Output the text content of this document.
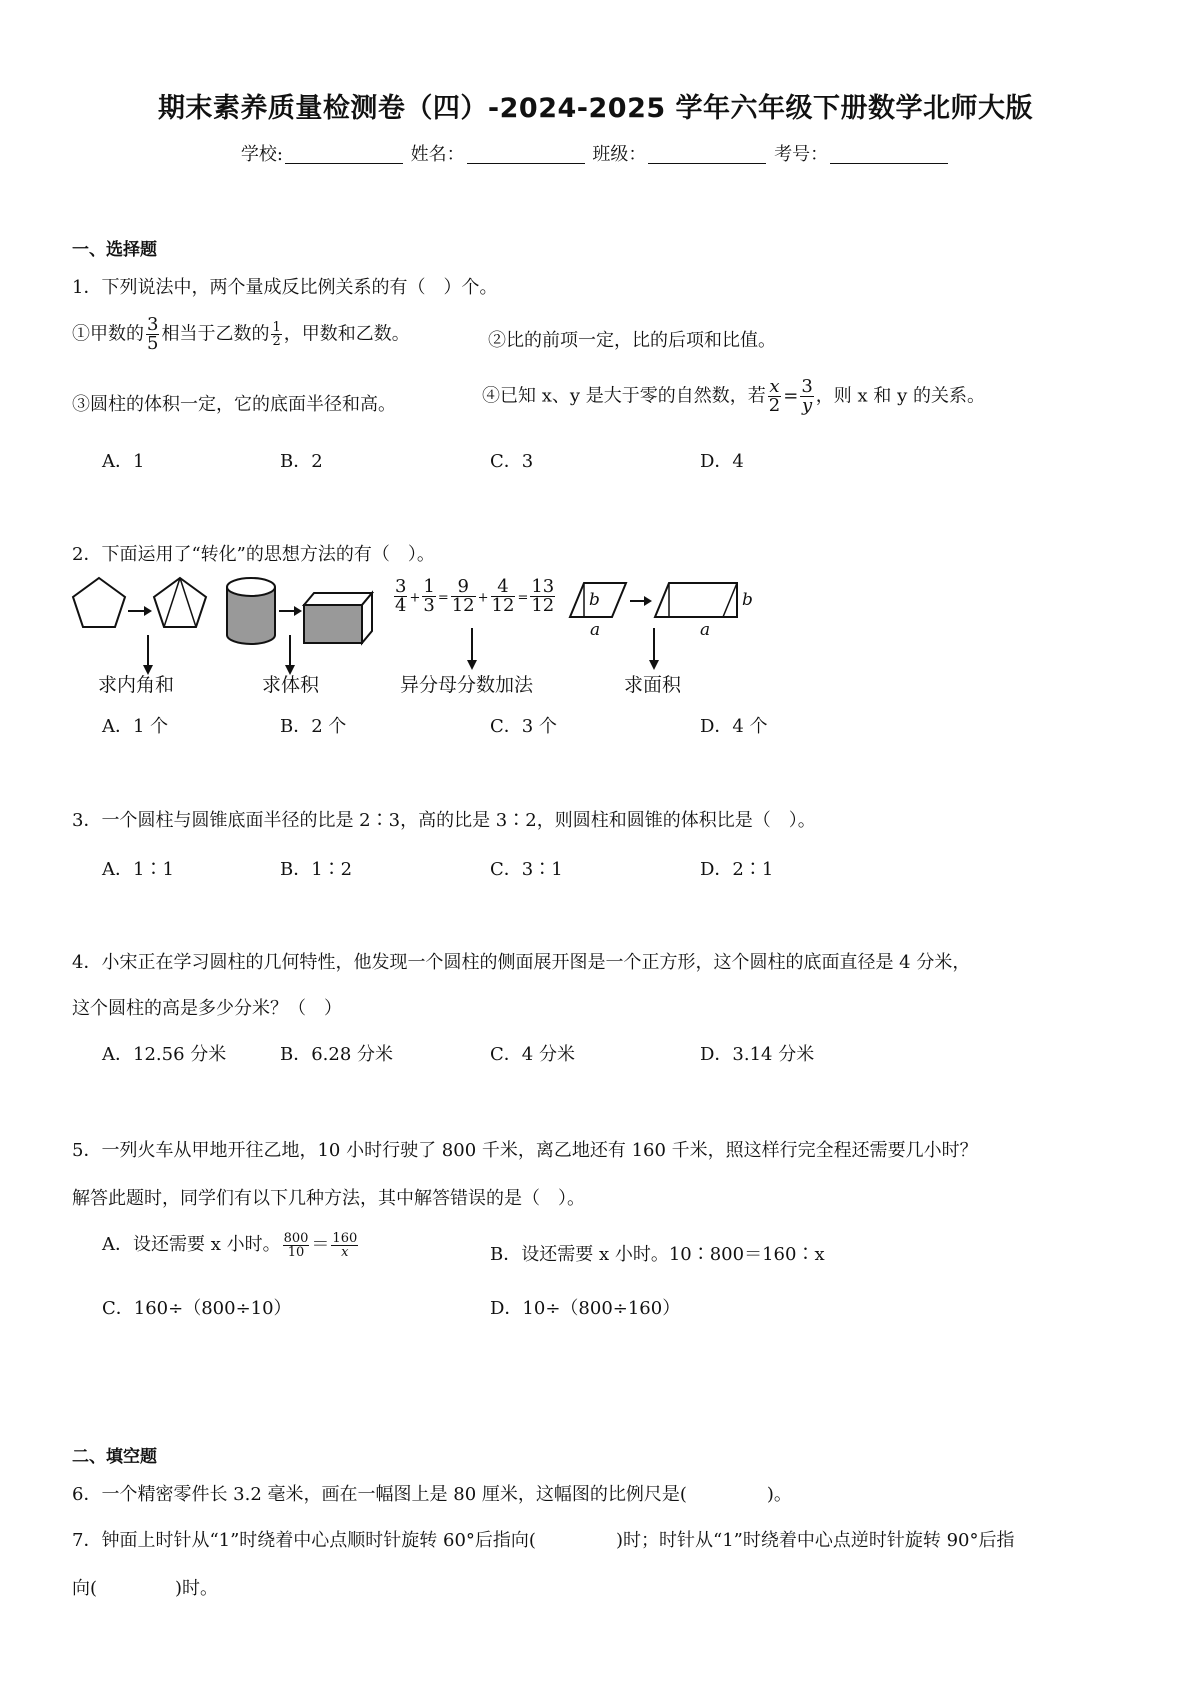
期末素养质量检测卷（四）-2024-2025 学年六年级下册数学北师大版
学校:	姓名：	班级：	考号：
一、选择题
1．下列说法中，两个量成反比例关系的有（　）个。
①甲数的 $\frac{3}{5}$ 相当于乙数的 $\frac{1}{2}$ ，甲数和乙数。	②比的前项一定，比的后项和比值。
③圆柱的体积一定，它的底面半径和高。	④已知 x、y 是大于零的自然数，若 $\frac{x}{2} = \frac{3}{y}$ ，则 x 和 y 的关系。
A．1	B．2	C．3	D．4
2．下面运用了“转化”的思想方法的有（　）。
$\frac{3}{4} + \frac{1}{3} = \frac{9}{12} + \frac{4}{12} = \frac{13}{12}$ b
a
b
a
求内角和	求体积	异分母分数加法	求面积
A．1 个	B．2 个	C．3 个	D．4 个
3．一个圆柱与圆锥底面半径的比是 2∶3，高的比是 3∶2，则圆柱和圆锥的体积比是（　）。
A．1∶1	B．1∶2	C．3∶1	D．2∶1
4．小宋正在学习圆柱的几何特性，他发现一个圆柱的侧面展开图是一个正方形，这个圆柱的底面直径是 4 分米，
这个圆柱的高是多少分米？（　）
A．12.56 分米	B．6.28 分米	C．4 分米	D．3.14 分米
5．一列火车从甲地开往乙地，10 小时行驶了 800 千米，离乙地还有 160 千米，照这样行完全程还需要几小时？
解答此题时，同学们有以下几种方法，其中解答错误的是（　）。
A．设还需要 x 小时。 $\frac{800}{10} = \frac{160}{x}$	B．设还需要 x 小时。10∶800＝160∶x
C．160÷（800÷10）	D．10÷（800÷160）
二、填空题
6．一个精密零件长 3.2 毫米，画在一幅图上是 80 厘米，这幅图的比例尺是(	)。
7．钟面上时针从“1”时绕着中心点顺时针旋转 60°后指向(	)时；时针从“1”时绕着中心点逆时针旋转 90°后指
向(	)时。
